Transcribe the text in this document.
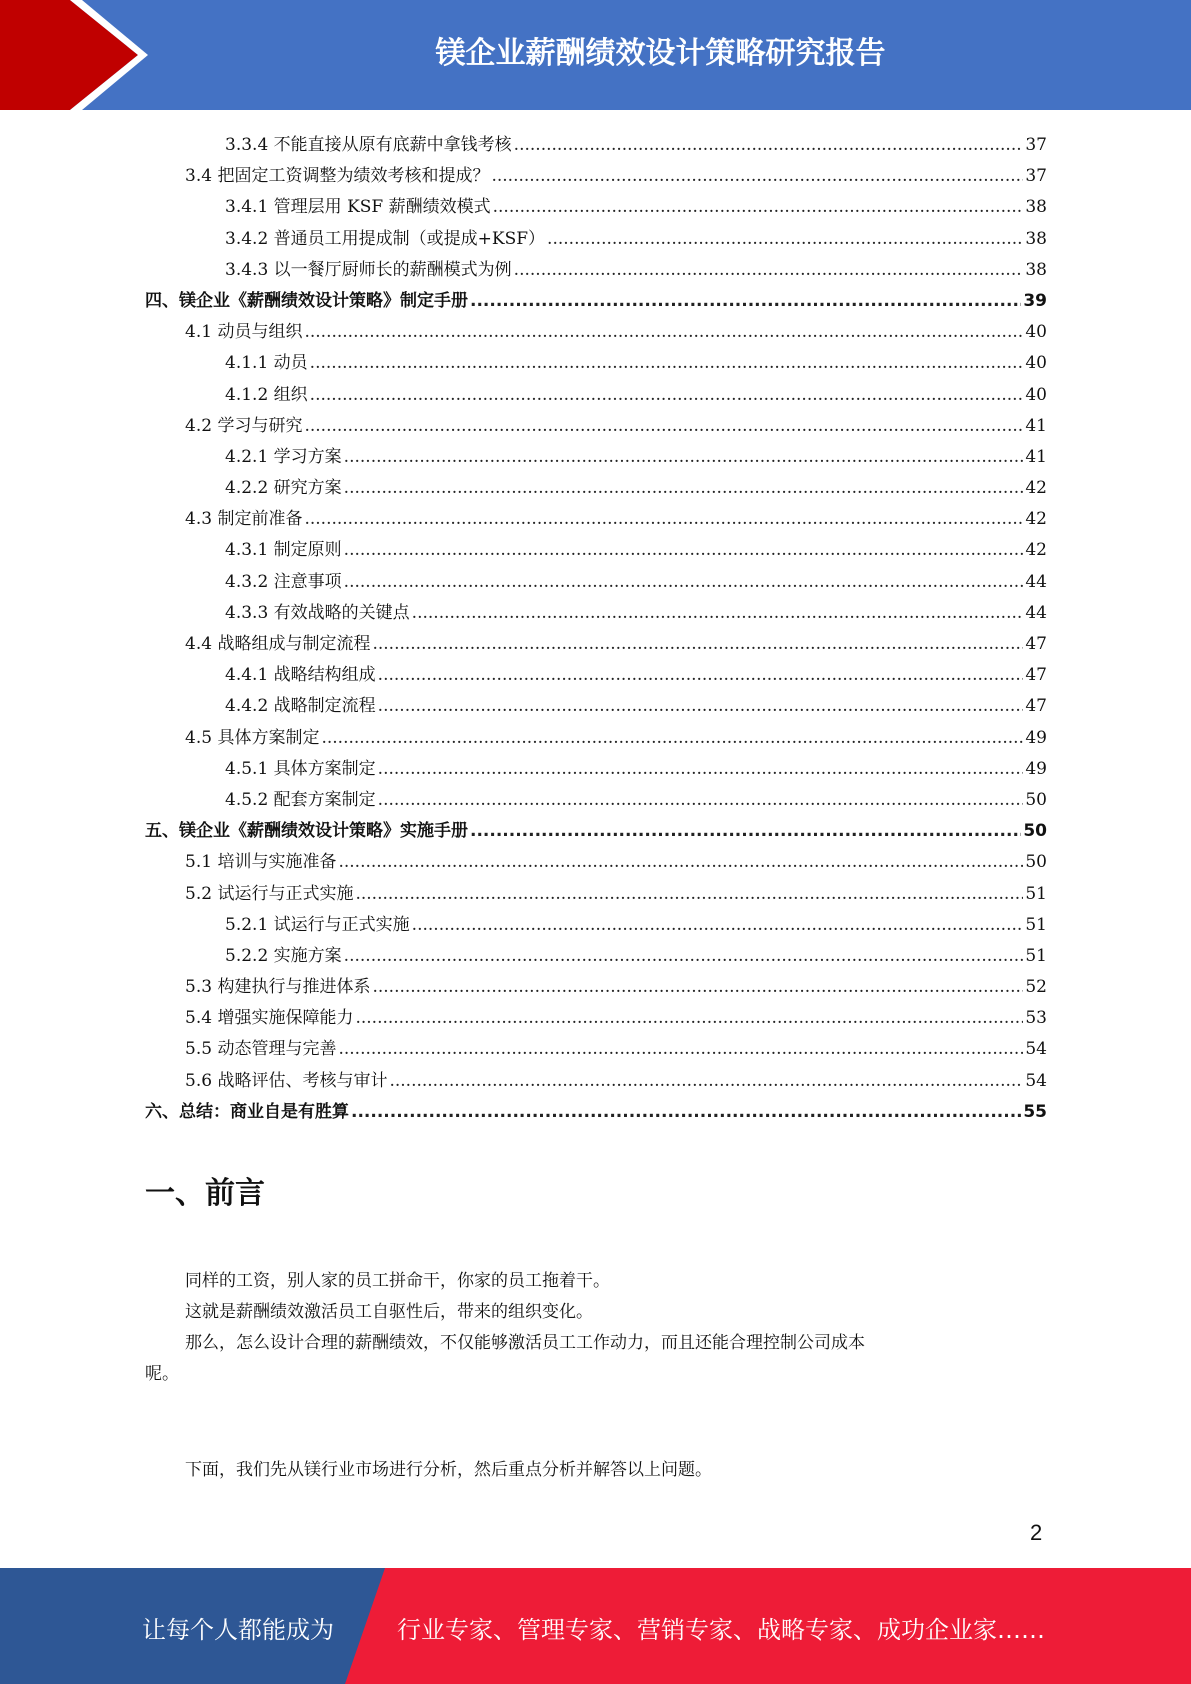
镁企业薪酬绩效设计策略研究报告
3.3.4 不能直接从原有底薪中拿钱考核 .....	37
3.4 把固定工资调整为绩效考核和提成？ .....	37
3.4.1 管理层用 KSF 薪酬绩效模式 .....	38
3.4.2 普通员工用提成制（或提成+KSF） .....	38
3.4.3 以一餐厅厨师长的薪酬模式为例 .....	38
四、镁企业《薪酬绩效设计策略》制定手册 .....	39
4.1 动员与组织 .....	40
4.1.1 动员 .....	40
4.1.2 组织 .....	40
4.2 学习与研究 .....	41
4.2.1 学习方案 .....	41
4.2.2 研究方案 .....	42
4.3 制定前准备 .....	42
4.3.1 制定原则 .....	42
4.3.2 注意事项 .....	44
4.3.3 有效战略的关键点 .....	44
4.4 战略组成与制定流程 .....	47
4.4.1 战略结构组成 .....	47
4.4.2 战略制定流程 .....	47
4.5 具体方案制定 .....	49
4.5.1 具体方案制定 .....	49
4.5.2 配套方案制定 .....	50
五、镁企业《薪酬绩效设计策略》实施手册 .....	50
5.1 培训与实施准备 .....	50
5.2 试运行与正式实施 .....	51
5.2.1 试运行与正式实施 .....	51
5.2.2 实施方案 .....	51
5.3 构建执行与推进体系 .....	52
5.4 增强实施保障能力 .....	53
5.5 动态管理与完善 .....	54
5.6 战略评估、考核与审计 .....	54
六、总结：商业自是有胜算 .....	55
一、前言
同样的工资，别人家的员工拼命干，你家的员工拖着干。
这就是薪酬绩效激活员工自驱性后，带来的组织变化。
那么，怎么设计合理的薪酬绩效，不仅能够激活员工工作动力，而且还能合理控制公司成本
呢。
下面，我们先从镁行业市场进行分析，然后重点分析并解答以上问题。
2
让每个人都能成为	行业专家、管理专家、营销专家、战略专家、成功企业家……
